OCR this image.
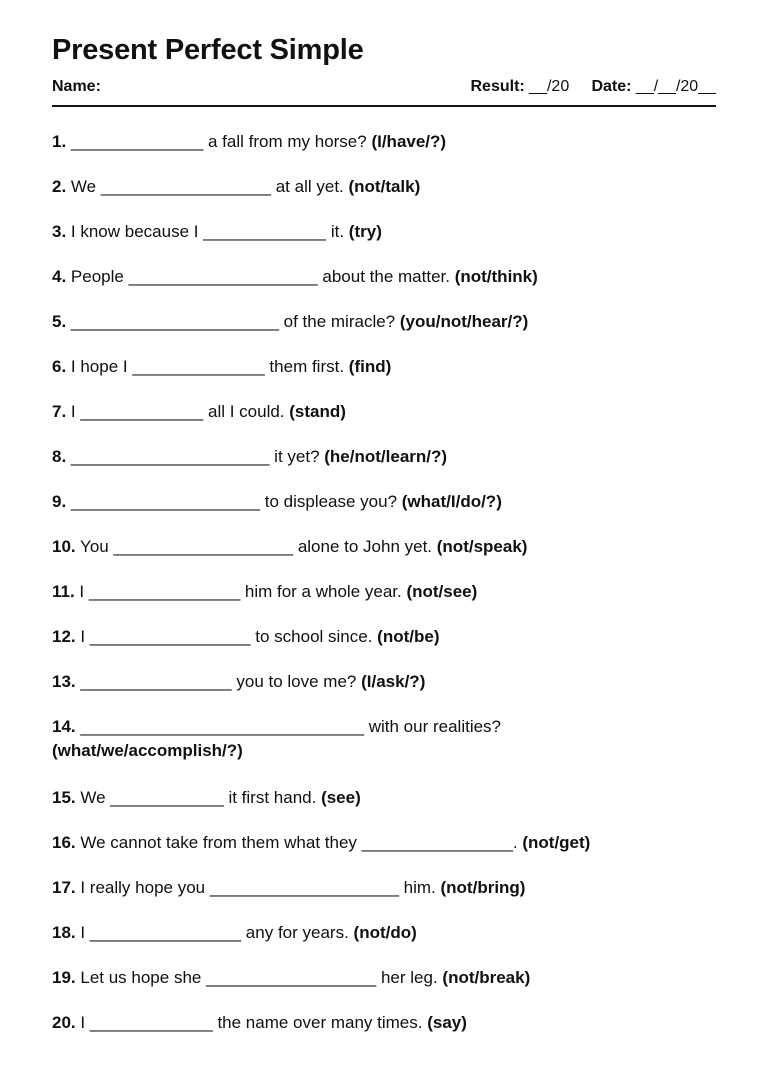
Present Perfect Simple
Name:	Result: __/20 Date: __/__/20__
1. ______________ a fall from my horse? (I/have/?)
2. We __________________ at all yet. (not/talk)
3. I know because I _____________ it. (try)
4. People ____________________ about the matter. (not/think)
5. ______________________ of the miracle? (you/not/hear/?)
6. I hope I ______________ them first. (find)
7. I _____________ all I could. (stand)
8. _____________________ it yet? (he/not/learn/?)
9. ____________________ to displease you? (what/I/do/?)
10. You ___________________ alone to John yet. (not/speak)
11. I ________________ him for a whole year. (not/see)
12. I _________________ to school since. (not/be)
13. ________________ you to love me? (I/ask/?)
14. ______________________________ with our realities?
(what/we/accomplish/?)
15. We ____________ it first hand. (see)
16. We cannot take from them what they ________________. (not/get)
17. I really hope you ____________________ him. (not/bring)
18. I ________________ any for years. (not/do)
19. Let us hope she __________________ her leg. (not/break)
20. I _____________ the name over many times. (say)
